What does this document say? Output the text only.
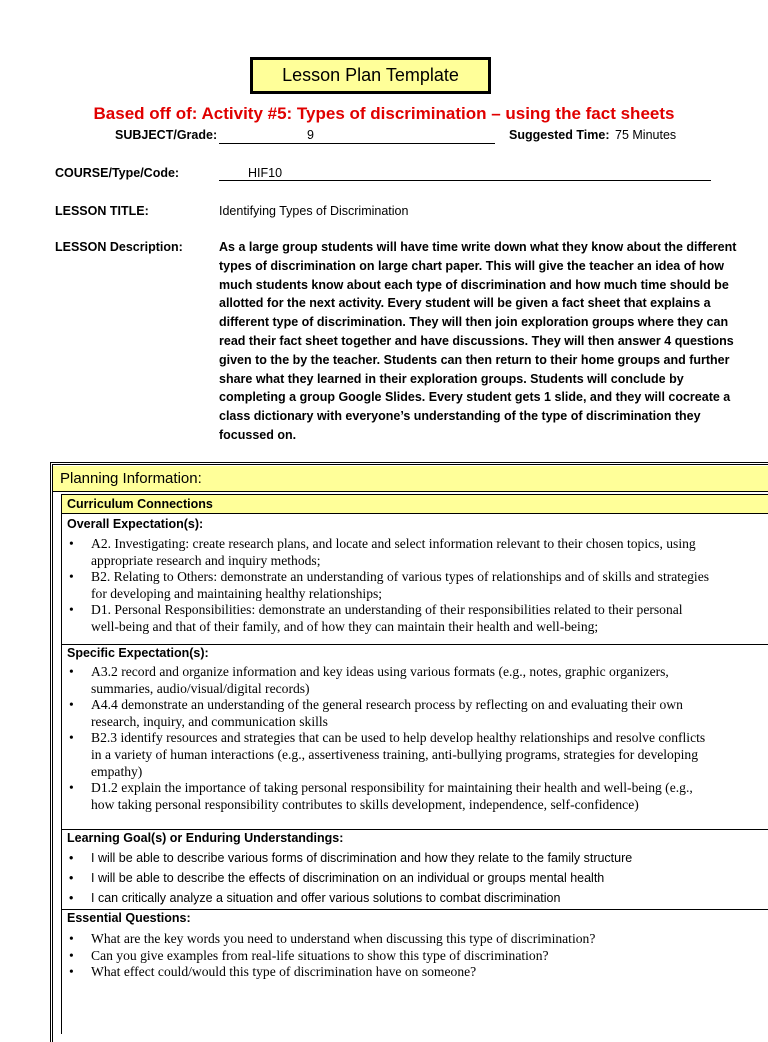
Lesson Plan Template
Based off of: Activity #5: Types of discrimination – using the fact sheets
SUBJECT/Grade:	9	Suggested Time: 75 Minutes
COURSE/Type/Code:	HIF10
LESSON TITLE:	Identifying Types of Discrimination
LESSON Description:	As a large group students will have time write down what they know about the different types of discrimination on large chart paper. This will give the teacher an idea of how much students know about each type of discrimination and how much time should be allotted for the next activity. Every student will be given a fact sheet that explains a different type of discrimination. They will then join exploration groups where they can read their fact sheet together and have discussions. They will then answer 4 questions given to the by the teacher. Students can then return to their home groups and further share what they learned in their exploration groups. Students will conclude by completing a group Google Slides. Every student gets 1 slide, and they will cocreate a class dictionary with everyone’s understanding of the type of discrimination they focussed on.
Planning Information:
Curriculum Connections
Overall Expectation(s):
• A2. Investigating: create research plans, and locate and select information relevant to their chosen topics, using
appropriate research and inquiry methods;
• B2. Relating to Others: demonstrate an understanding of various types of relationships and of skills and strategies
for developing and maintaining healthy relationships;
• D1. Personal Responsibilities: demonstrate an understanding of their responsibilities related to their personal
well-being and that of their family, and of how they can maintain their health and well-being;
Specific Expectation(s):
• A3.2 record and organize information and key ideas using various formats (e.g., notes, graphic organizers,
summaries, audio/visual/digital records)
• A4.4 demonstrate an understanding of the general research process by reflecting on and evaluating their own
research, inquiry, and communication skills
• B2.3 identify resources and strategies that can be used to help develop healthy relationships and resolve conflicts
in a variety of human interactions (e.g., assertiveness training, anti-bullying programs, strategies for developing
empathy)
• D1.2 explain the importance of taking personal responsibility for maintaining their health and well-being (e.g.,
how taking personal responsibility contributes to skills development, independence, self-confidence)
Learning Goal(s) or Enduring Understandings:
• I will be able to describe various forms of discrimination and how they relate to the family structure
• I will be able to describe the effects of discrimination on an individual or groups mental health
• I can critically analyze a situation and offer various solutions to combat discrimination
Essential Questions:
• What are the key words you need to understand when discussing this type of discrimination?
• Can you give examples from real-life situations to show this type of discrimination?
• What effect could/would this type of discrimination have on someone?
